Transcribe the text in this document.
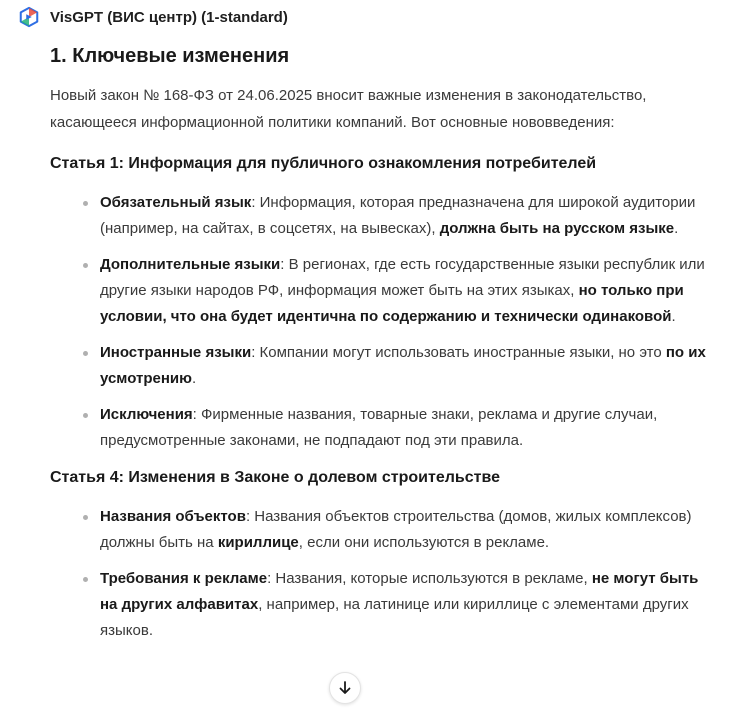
VisGPT (ВИС центр) (1-standard)
1. Ключевые изменения

Новый закон № 168-ФЗ от 24.06.2025 вносит важные изменения в законодательство, касающееся информационной политики компаний. Вот основные нововведения:

Статья 1: Информация для публичного ознакомления потребителей
Обязательный язык: Информация, которая предназначена для широкой аудитории (например, на сайтах, в соцсетях, на вывесках), должна быть на русском языке.
Дополнительные языки: В регионах, где есть государственные языки республик или другие языки народов РФ, информация может быть на этих языках, но только при условии, что она будет идентична по содержанию и технически одинаковой.
Иностранные языки: Компании могут использовать иностранные языки, но это по их усмотрению.
Исключения: Фирменные названия, товарные знаки, реклама и другие случаи, предусмотренные законами, не подпадают под эти правила.
Статья 4: Изменения в Законе о долевом строительстве
Названия объектов: Названия объектов строительства (домов, жилых комплексов) должны быть на кириллице, если они используются в рекламе.
Требования к рекламе: Названия, которые используются в рекламе, не могут быть на других алфавитах, например, на латинице или кириллице с элементами других языков.
